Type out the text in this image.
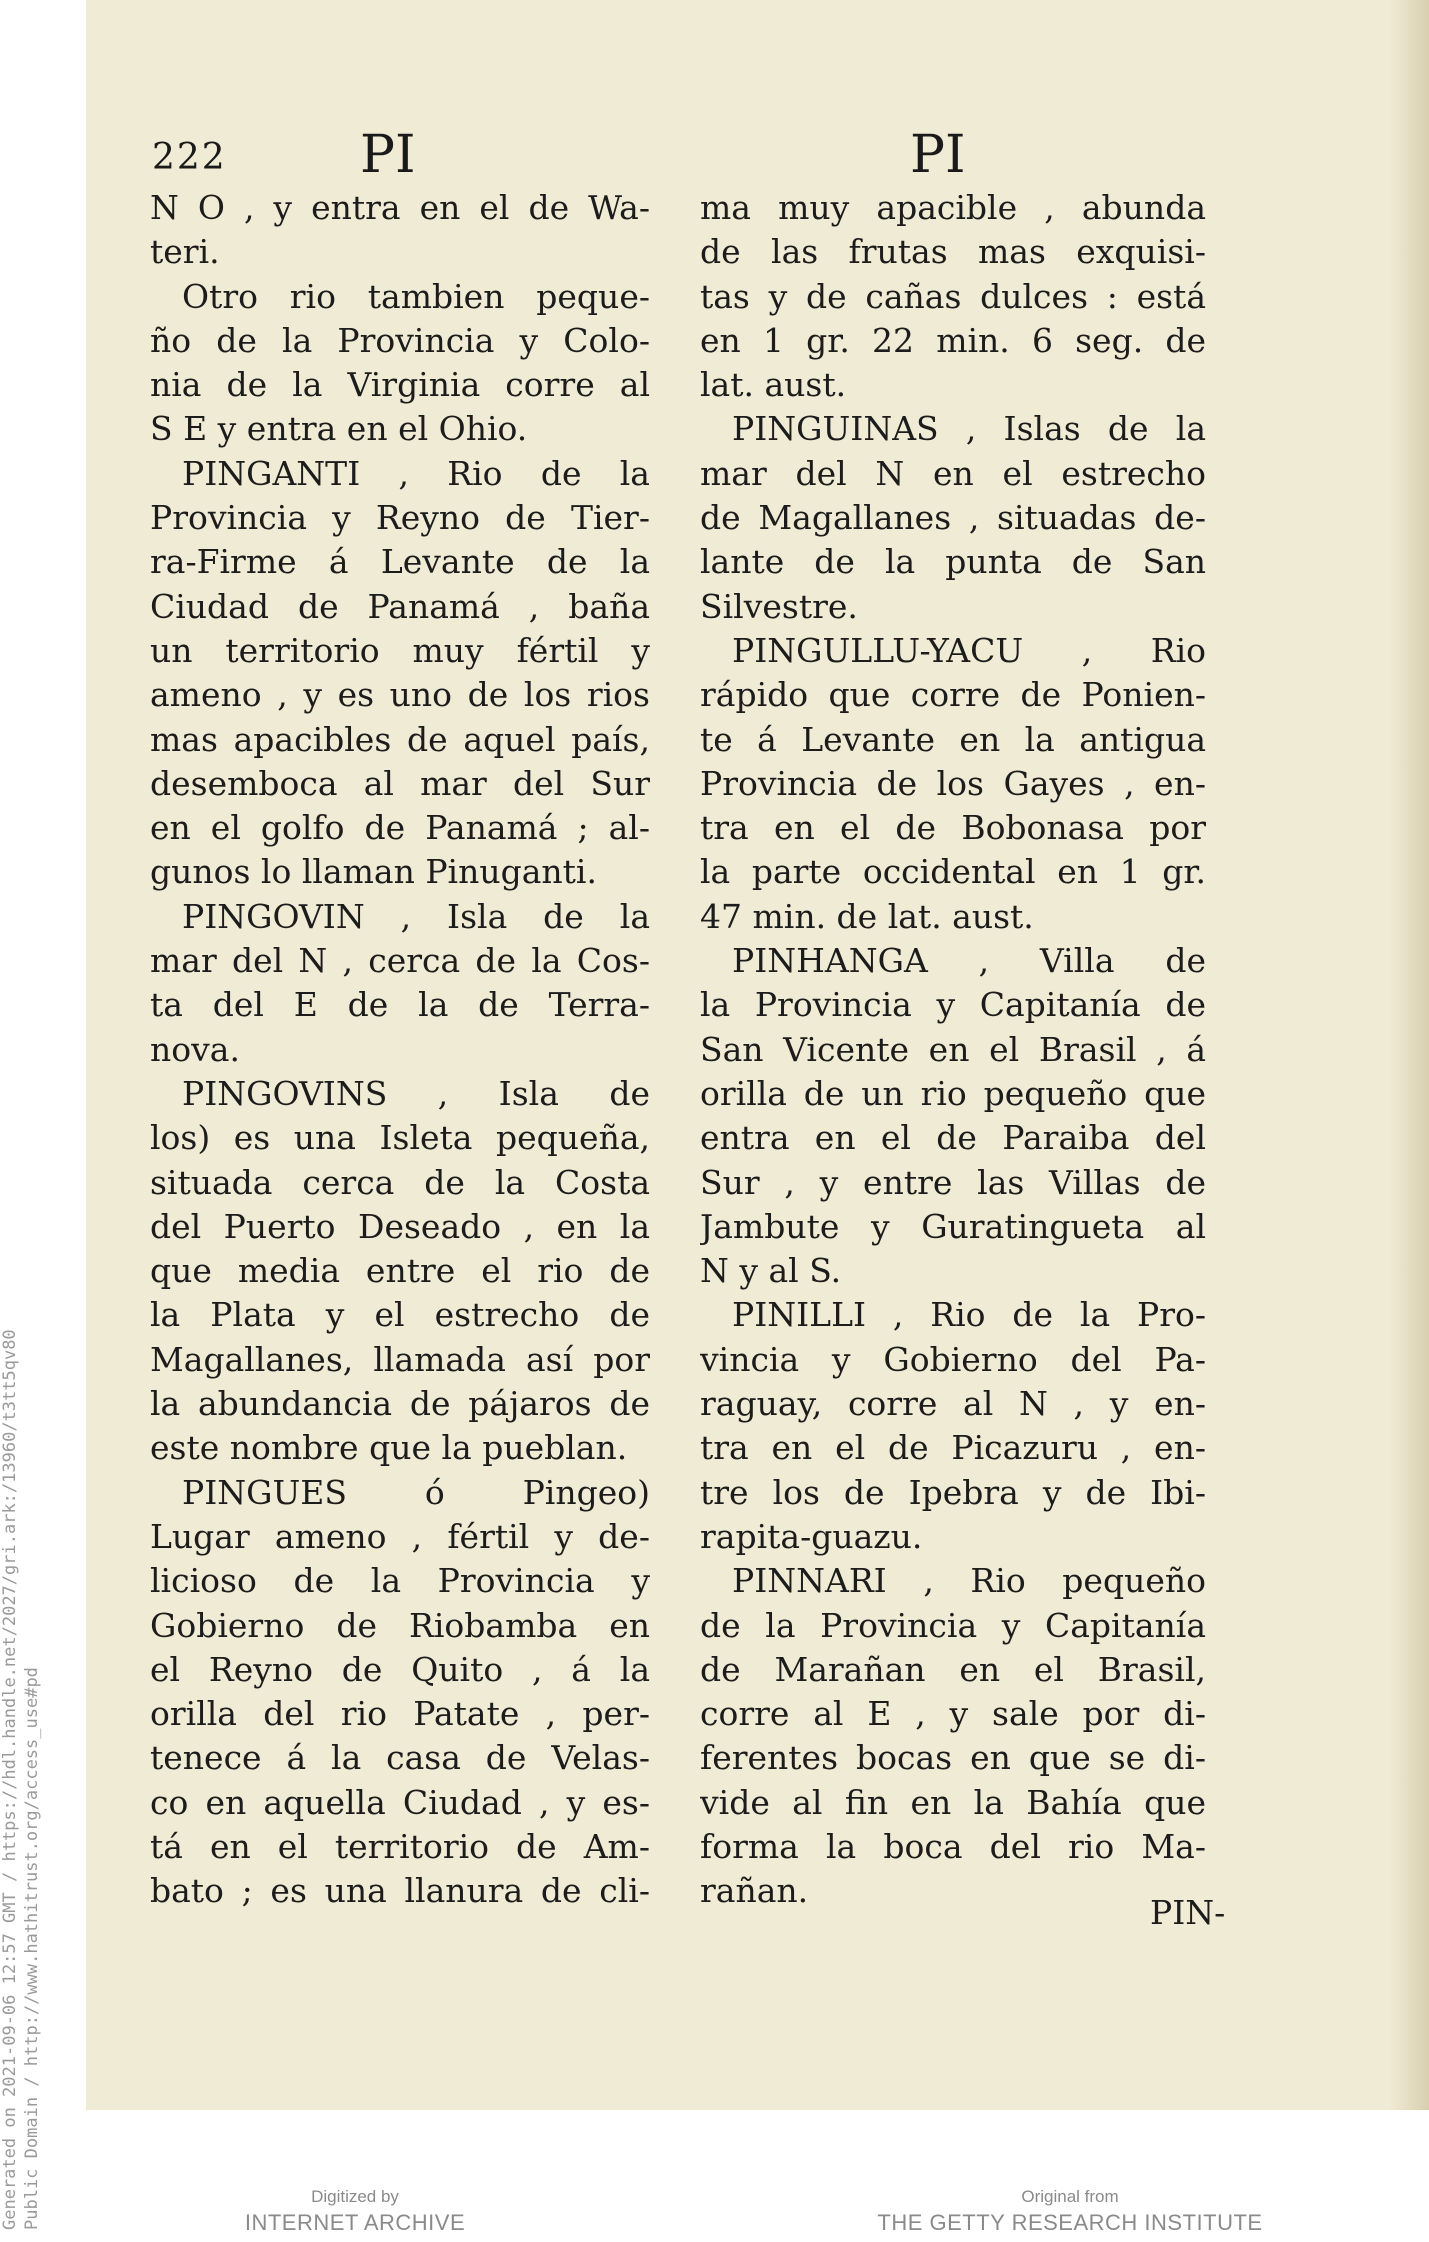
222	PI	PI
N O , y entra en el de Wa-
teri.
Otro rio tambien peque-
ño de la Provincia y Colo-
nia de la Virginia corre al
S E y entra en el Ohio.
PINGANTI , Rio de la
Provincia y Reyno de Tier-
ra-Firme á Levante de la
Ciudad de Panamá , baña
un territorio muy fértil y
ameno , y es uno de los rios
mas apacibles de aquel país,
desemboca al mar del Sur
en el golfo de Panamá ; al-
gunos lo llaman Pinuganti.
PINGOVIN , Isla de la
mar del N , cerca de la Cos-
ta del E de la de Terra-
nova.
PINGOVINS , Isla de
los) es una Isleta pequeña,
situada cerca de la Costa
del Puerto Deseado , en la
que media entre el rio de
la Plata y el estrecho de
Magallanes, llamada así por
la abundancia de pájaros de
este nombre que la pueblan.
PINGUES ó Pingeo)
Lugar ameno , fértil y de-
licioso de la Provincia y
Gobierno de Riobamba en
el Reyno de Quito , á la
orilla del rio Patate , per-
tenece á la casa de Velas-
co en aquella Ciudad , y es-
tá en el territorio de Am-
bato ; es una llanura de cli-
ma muy apacible , abunda
de las frutas mas exquisi-
tas y de cañas dulces : está
en 1 gr. 22 min. 6 seg. de
lat. aust.
PINGUINAS , Islas de la
mar del N en el estrecho
de Magallanes , situadas de-
lante de la punta de San
Silvestre.
PINGULLU-YACU , Rio
rápido que corre de Ponien-
te á Levante en la antigua
Provincia de los Gayes , en-
tra en el de Bobonasa por
la parte occidental en 1 gr.
47 min. de lat. aust.
PINHANGA , Villa de
la Provincia y Capitanía de
San Vicente en el Brasil , á
orilla de un rio pequeño que
entra en el de Paraiba del
Sur , y entre las Villas de
Jambute y Guratingueta al
N y al S.
PINILLI , Rio de la Pro-
vincia y Gobierno del Pa-
raguay, corre al N , y en-
tra en el de Picazuru , en-
tre los de Ipebra y de Ibi-
rapita-guazu.
PINNARI , Rio pequeño
de la Provincia y Capitanía
de Marañan en el Brasil,
corre al E , y sale por di-
ferentes bocas en que se di-
vide al fin en la Bahía que
forma la boca del rio Ma-
rañan.
PIN-
Generated on 2021-09-06 12:57 GMT / https://hdl.handle.net/2027/gri.ark:/13960/t3tt5qv80 Public Domain / http://www.hathitrust.org/access_use#pd	Digitized by
INTERNET ARCHIVE
Original from
THE GETTY RESEARCH INSTITUTE
